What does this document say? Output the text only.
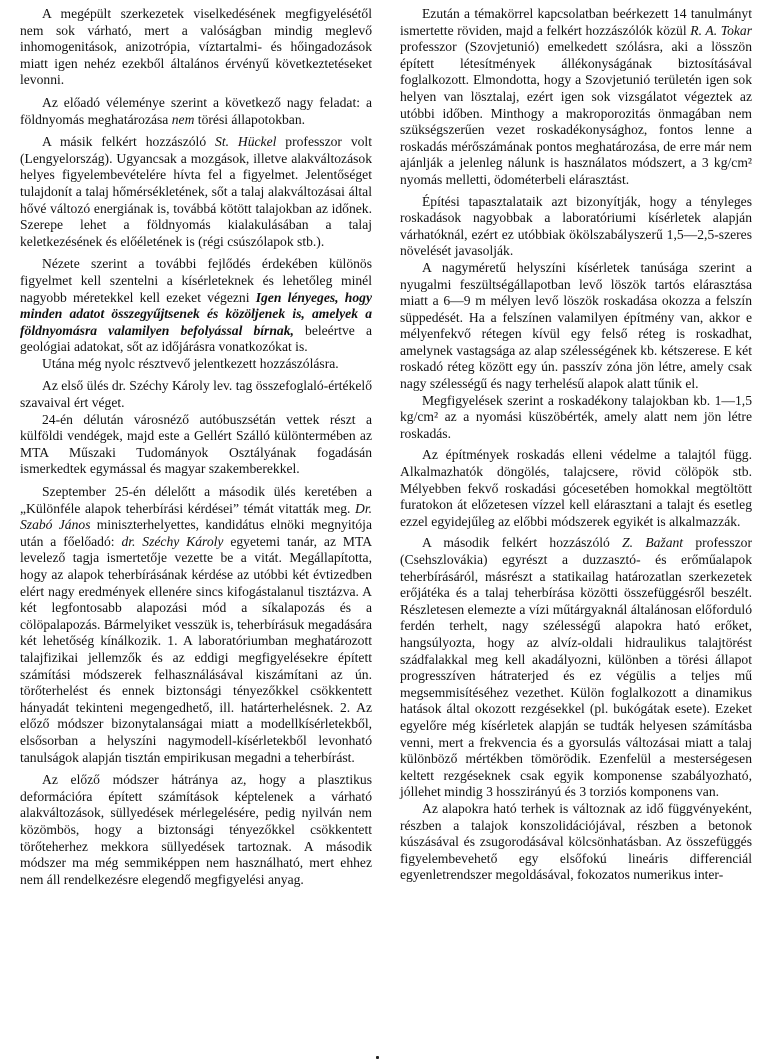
A megépült szerkezetek viselkedésének megfigyelésétől nem sok várható, mert a valóságban mindig meglevő inhomogenitások, anizotrópia, víztartalmi- és hőingadozások miatt igen nehéz ezekből általános érvényű következtetéseket levonni.

Az előadó véleménye szerint a következő nagy feladat: a földnyomás meghatározása nem törési állapotokban.

A másik felkért hozzászóló St. Hückel professzor volt (Lengyelország). Ugyancsak a mozgások, illetve alakváltozások helyes figyelembevételére hívta fel a figyelmet. Jelentőséget tulajdonít a talaj hőmérsékletének, sőt a talaj alakváltozásai által hővé változó energiának is, továbbá kötött talajokban az időnek. Szerepe lehet a földnyomás kialakulásában a talaj keletkezésének és előéletének is (régi csúszólapok stb.).

Nézete szerint a további fejlődés érdekében különös figyelmet kell szentelni a kísérleteknek és lehetőleg minél nagyobb méretekkel kell ezeket végezni Igen lényeges, hogy minden adatot összegyűjtsenek és közöljenek is, amelyek a földnyomásra valamilyen befolyással bírnak, beleértve a geológiai adatokat, sőt az időjárásra vonatkozókat is.

Utána még nyolc résztvevő jelentkezett hozzászólásra.

Az első ülés dr. Széchy Károly lev. tag összefoglaló-értékelő szavaival ért véget.

24-én délután városnéző autóbuszsétán vettek részt a külföldi vendégek, majd este a Gellért Szálló különtermében az MTA Műszaki Tudományok Osztályának fogadásán ismerkedtek egymással és magyar szakemberekkel.

Szeptember 25-én délelőtt a második ülés keretében a „Különféle alapok teherbírási kérdései” témát vitatták meg. Dr. Szabó János miniszterhelyettes, kandidátus elnöki megnyitója után a főelőadó: dr. Széchy Károly egyetemi tanár, az MTA levelező tagja ismertetője vezette be a vitát. Megállapította, hogy az alapok teherbírásának kérdése az utóbbi két évtizedben elért nagy eredmények ellenére sincs kifogástalanul tisztázva. A két legfontosabb alapozási mód a síkalapozás és a cölöpalapozás. Bármelyiket vesszük is, teherbírásuk megadására két lehetőség kínálkozik. 1. A laboratóriumban meghatározott talajfizikai jellemzők és az eddigi megfigyelésekre épített számítási módszerek felhasználásával kiszámítani az ún. törőterhelést és ennek biztonsági tényezőkkel csökkentett hányadát tekinteni megengedhető, ill. határterhelésnek. 2. Az előző módszer bizonytalanságai miatt a modellkísérletekből, elsősorban a helyszíni nagymodell-kísérletekből levonható tanulságok alapján tisztán empirikusan megadni a teherbírást.

Az előző módszer hátránya az, hogy a plasztikus deformációra épített számítások képtelenek a várható alakváltozások, süllyedések mérlegelésére, pedig nyilván nem közömbös, hogy a biztonsági tényezőkkel csökkentett törőteherhez mekkora süllyedések tartoznak. A második módszer ma még semmiképpen nem használható, mert ehhez nem áll rendelkezésre elegendő megfigyelési anyag.

Ezután a témakörrel kapcsolatban beérkezett 14 tanulmányt ismertette röviden, majd a felkért hozzászólók közül R. A. Tokar professzor (Szovjetunió) emelkedett szólásra, aki a lösszön épített létesítmények állékonyságának biztosításával foglalkozott. Elmondotta, hogy a Szovjetunió területén igen sok helyen van lösztalaj, ezért igen sok vizsgálatot végeztek az utóbbi időben. Minthogy a makroporozitás önmagában nem szükségszerűen vezet roskadékonysághoz, fontos lenne a roskadás mérőszámának pontos meghatározása, de erre már nem ajánlják a jelenleg nálunk is használatos módszert, a 3 kg/cm² nyomás melletti, ödométerbeli elárasztást.

Építési tapasztalataik azt bizonyítják, hogy a tényleges roskadások nagyobbak a laboratóriumi kísérletek alapján várhatóknál, ezért ez utóbbiak ökölszabályszerű 1,5—2,5-szeres növelését javasolják.

A nagyméretű helyszíni kísérletek tanúsága szerint a nyugalmi feszültségállapotban levő löszök tartós elárasztása miatt a 6—9 m mélyen levő löszök roskadása okozza a felszín süppedését. Ha a felszínen valamilyen építmény van, akkor e mélyenfekvő rétegen kívül egy felső réteg is roskadhat, amelynek vastagsága az alap szélességének kb. kétszerese. E két roskadó réteg között egy ún. passzív zóna jön létre, amely csak nagy szélességű és nagy terhelésű alapok alatt tűnik el.

Megfigyelések szerint a roskadékony talajokban kb. 1—1,5 kg/cm² az a nyomási küszöbérték, amely alatt nem jön létre roskadás.

Az építmények roskadás elleni védelme a talajtól függ. Alkalmazhatók döngölés, talajcsere, rövid cölöpök stb. Mélyebben fekvő roskadási gócesetében homokkal megtöltött furatokon át előzetesen vízzel kell elárasztani a talajt és esetleg ezzel egyidejűleg az előbbi módszerek egyikét is alkalmazzák.

A második felkért hozzászóló Z. Bažant professzor (Csehszlovákia) egyrészt a duzzasztó- és erőműalapok teherbírásáról, másrészt a statikailag határozatlan szerkezetek erőjátéka és a talaj teherbírása közötti összefüggésről beszélt. Részletesen elemezte a vízi műtárgyaknál általánosan előforduló ferdén terhelt, nagy szélességű alapokra ható erőket, hangsúlyozta, hogy az alvíz-oldali hidraulikus talajtörést szádfalakkal meg kell akadályozni, különben a törési állapot progresszíven hátraterjed és ez végülis a teljes mű megsemmisítéséhez vezethet. Külön foglalkozott a dinamikus hatások által okozott rezgésekkel (pl. bukógátak esete). Ezeket egyelőre még kísérletek alapján se tudták helyesen számításba venni, mert a frekvencia és a gyorsulás változásai miatt a talaj különböző mértékben tömörödik. Ezenfelül a mesterségesen keltett rezgéseknek csak egyik komponense szabályozható, jóllehet mindig 3 hosszirányú és 3 torziós komponens van.

Az alapokra ható terhek is változnak az idő függvényeként, részben a talajok konszolidációjával, részben a betonok kúszásával és zsugorodásával kölcsönhatásban. Az összefüggés figyelembevehető egy elsőfokú lineáris differenciál egyenletrendszer megoldásával, fokozatos numerikus inter-
